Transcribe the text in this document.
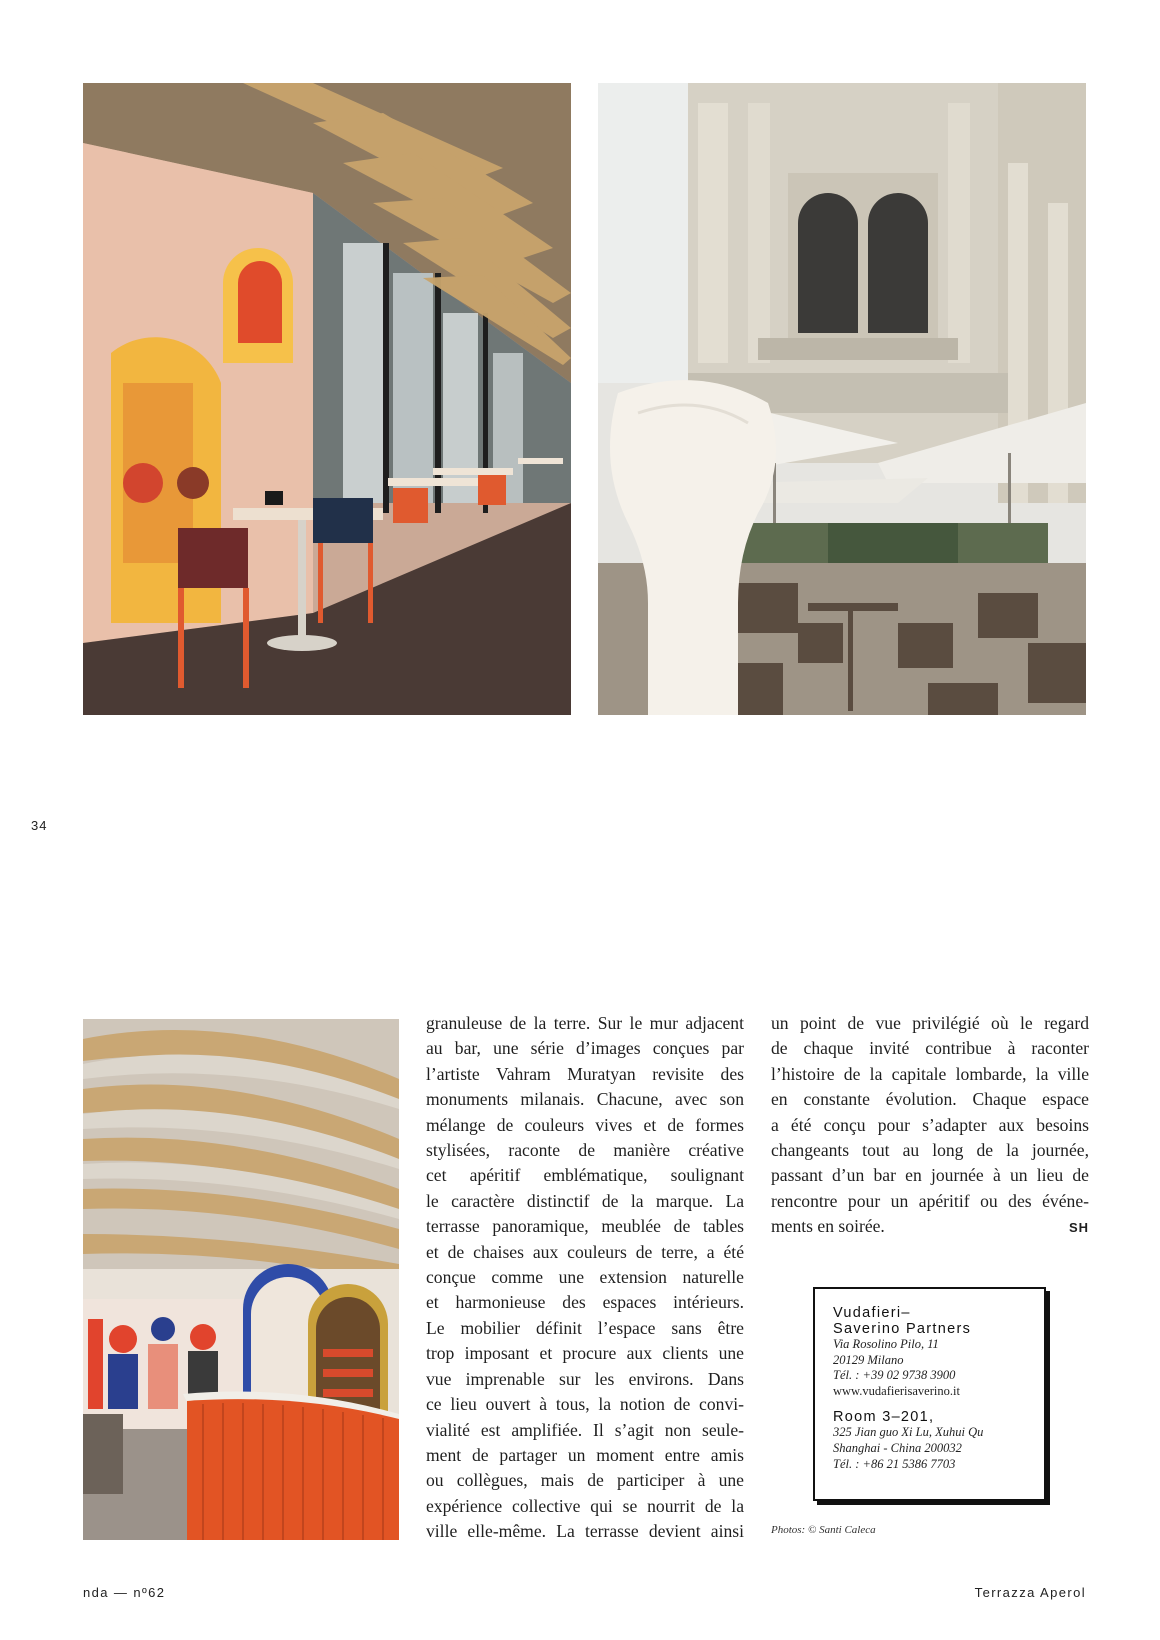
34
granuleuse de la terre. Sur le mur adjacent
au bar, une série d’images conçues par
l’artiste Vahram Muratyan revisite des
monuments milanais. Chacune, avec son
mélange de couleurs vives et de formes
stylisées, raconte de manière créative
cet apéritif emblématique, soulignant
le caractère distinctif de la marque. La
terrasse panoramique, meublée de tables
et de chaises aux couleurs de terre, a été
conçue comme une extension naturelle
et harmonieuse des espaces intérieurs.
Le mobilier définit l’espace sans être
trop imposant et procure aux clients une
vue imprenable sur les environs. Dans
ce lieu ouvert à tous, la notion de convi-
vialité est amplifiée. Il s’agit non seule-
ment de partager un moment entre amis
ou collègues, mais de participer à une
expérience collective qui se nourrit de la
ville elle-même. La terrasse devient ainsi
un point de vue privilégié où le regard
de chaque invité contribue à raconter
l’histoire de la capitale lombarde, la ville
en constante évolution. Chaque espace
a été conçu pour s’adapter aux besoins
changeants tout au long de la journée,
passant d’un bar en journée à un lieu de
rencontre pour un apéritif ou des événe-
ments en soirée.	SH
Vudafieri–
Saverino Partners
Via Rosolino Pilo, 11
20129 Milano
Tél. : +39 02 9738 3900
www.vudafierisaverino.it
Room 3–201,
325 Jian guo Xi Lu, Xuhui Qu
Shanghai - China 200032
Tél. : +86 21 5386 7703
Photos: © Santi Caleca
nda — nº62	Terrazza Aperol
